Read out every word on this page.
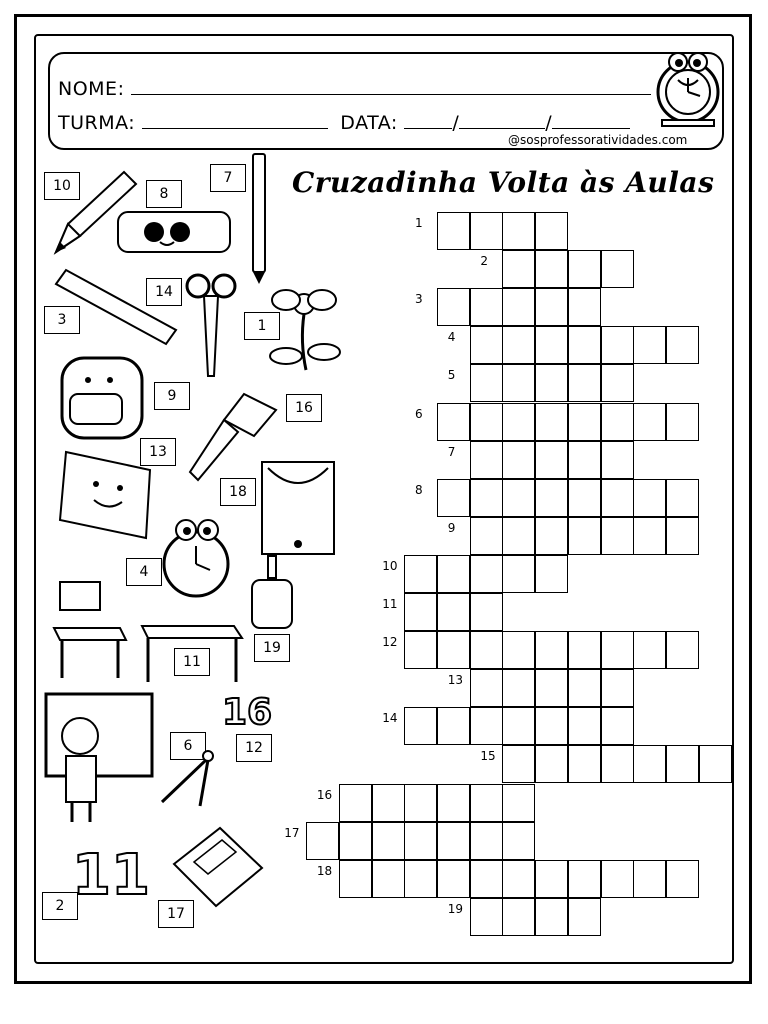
NOME:
TURMA:	DATA:	/	/
@sosprofessoratividades.com
Cruzadinha Volta às Aulas
1
2
3
4
5
6
7
8
9
10
11
12
13
14
15
16
17
18
19
10	8
7
3
14
1
9
16
13
18
4
19
11
6	12
2	17
16
11
